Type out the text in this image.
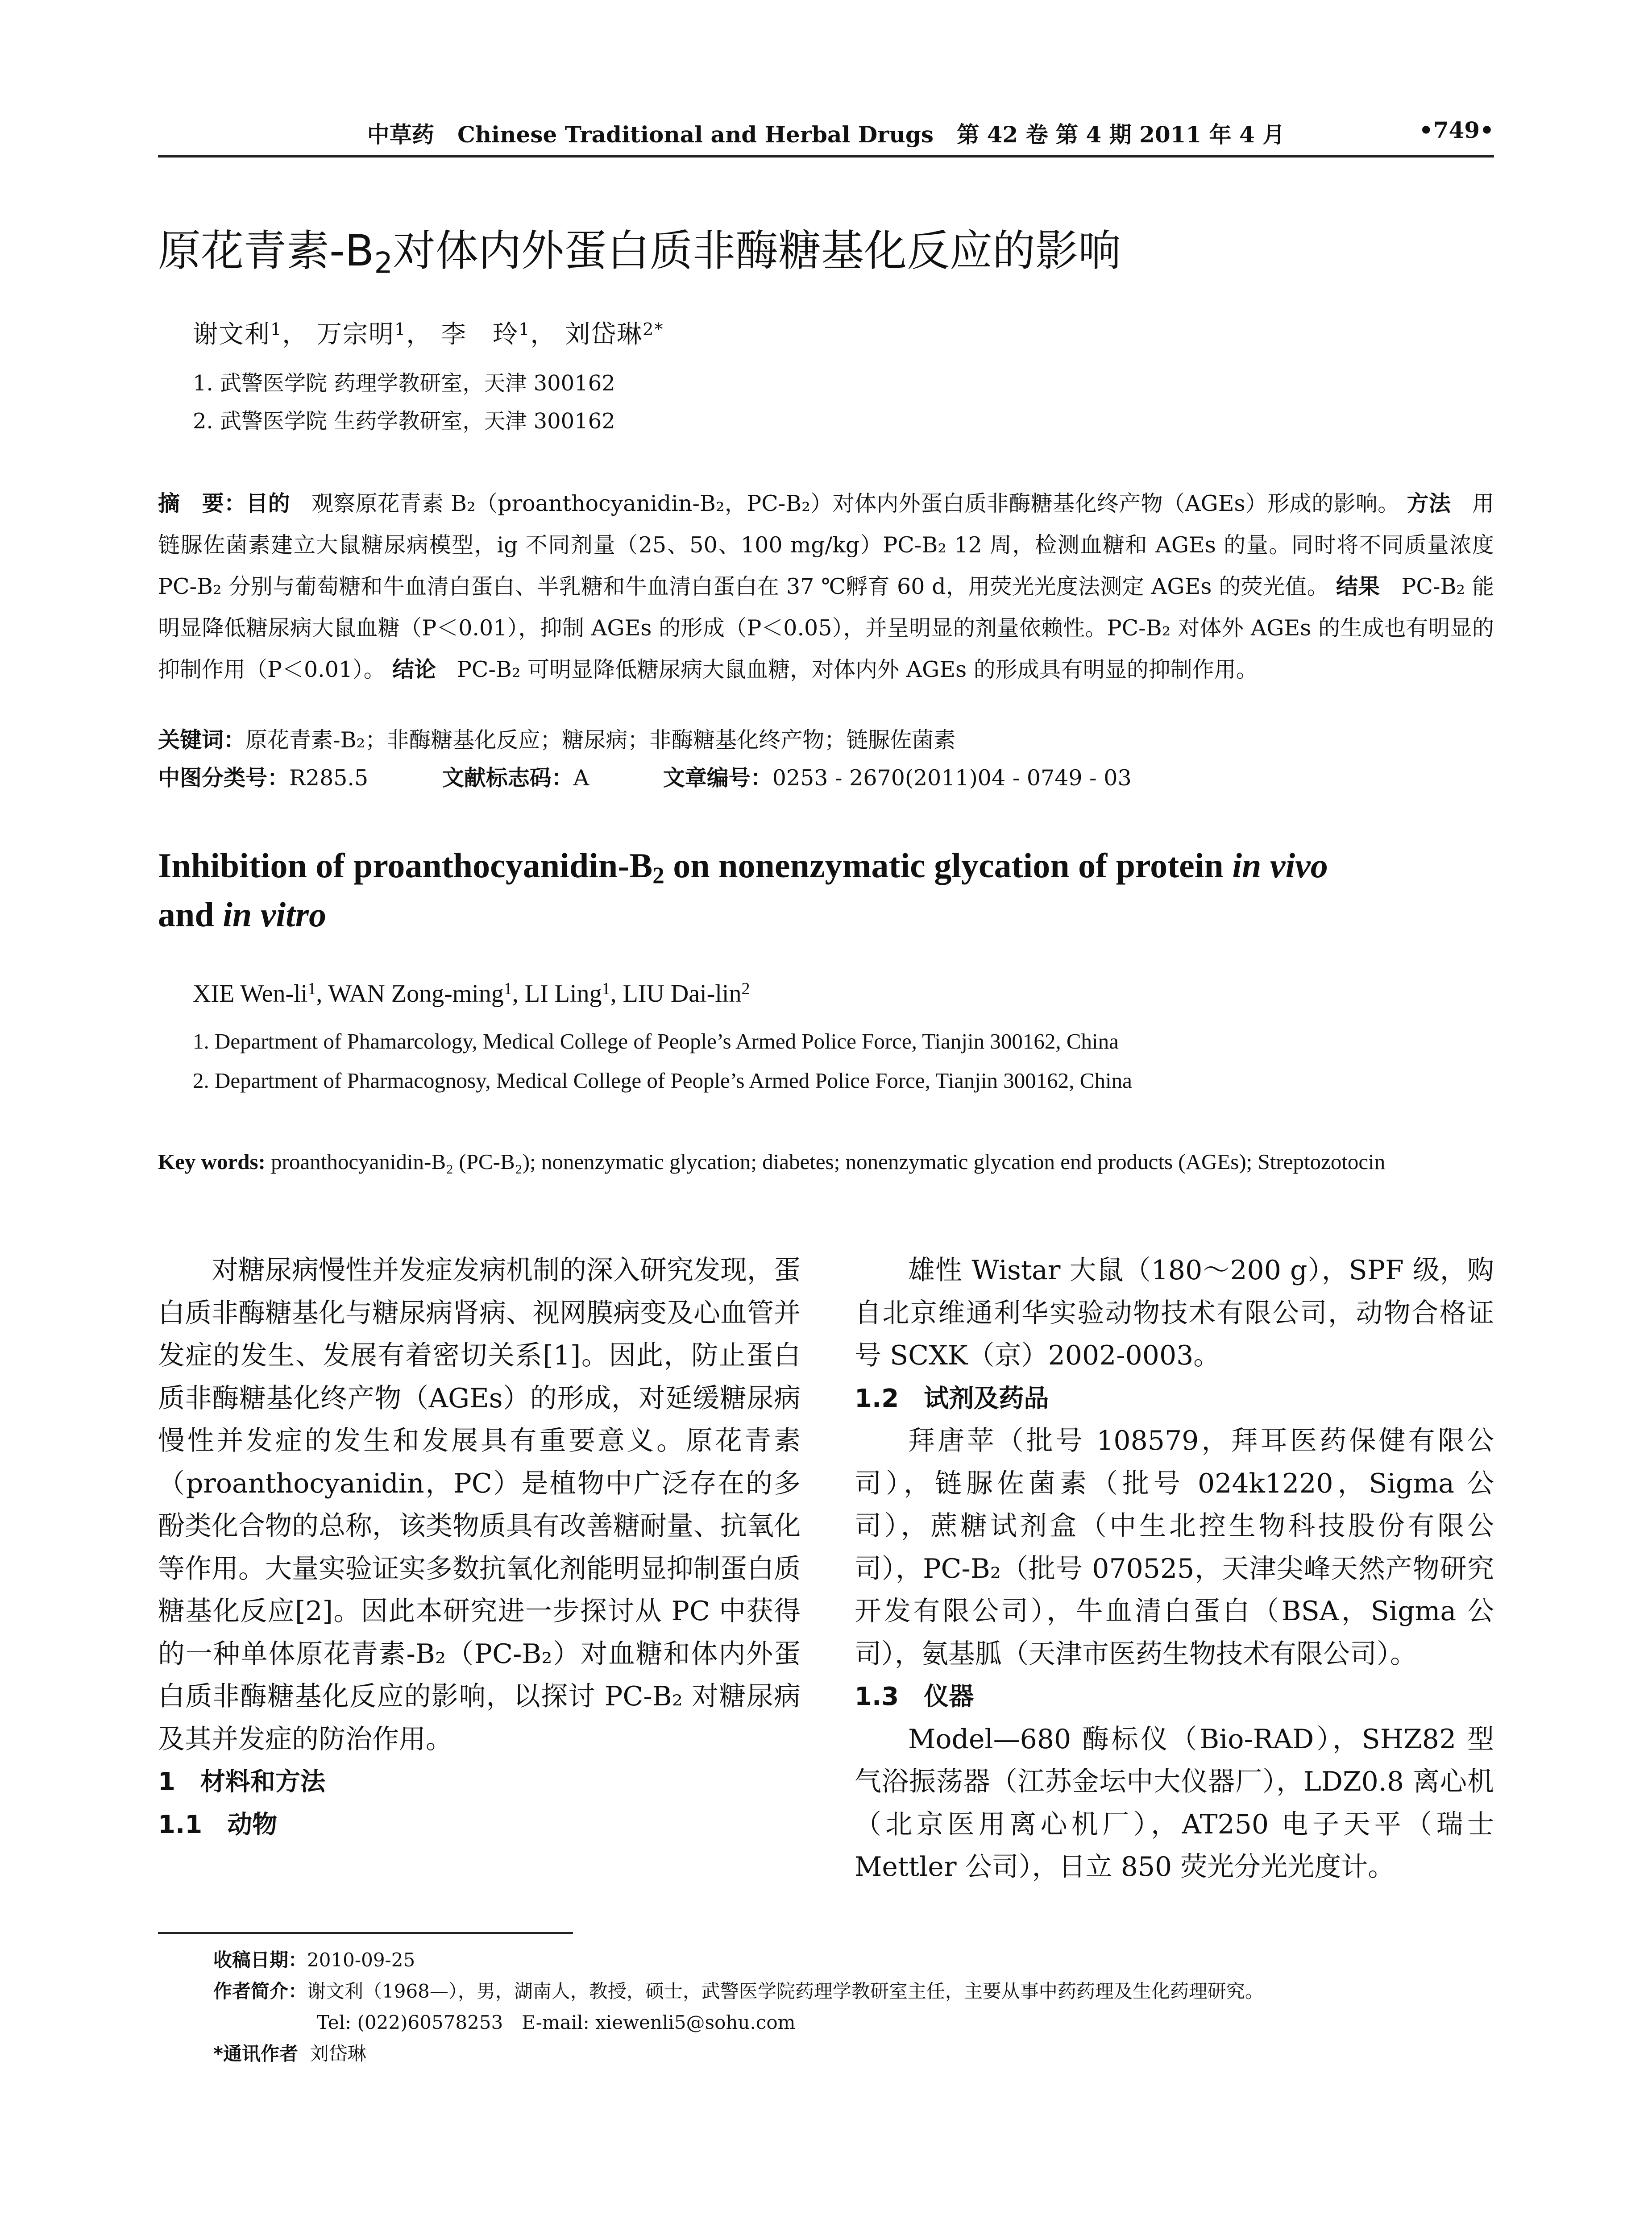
中草药 Chinese Traditional and Herbal Drugs 第 42 卷 第 4 期 2011 年 4 月	•749•
原花青素$-B_2$对体内外蛋白质非酶糖基化反应的影响
谢文利$^1$， 万宗明$^1$， 李　玲$^1$， 刘岱琳$^{2*}$
1. 武警医学院 药理学教研室，天津 300162
2. 武警医学院 生药学教研室，天津 300162
摘　要：目的 观察原花青素 B₂（proanthocyanidin-B₂，PC-B₂）对体内外蛋白质非酶糖基化终产物（AGEs）形成的影响。 方法 用链脲佐菌素建立大鼠糖尿病模型，ig 不同剂量（25、50、100 mg/kg）PC-B₂ 12 周，检测血糖和 AGEs 的量。同时将不同质量浓度 PC-B₂ 分别与葡萄糖和牛血清白蛋白、半乳糖和牛血清白蛋白在 37 ℃孵育 60 d，用荧光光度法测定 AGEs 的荧光值。 结果 PC-B₂ 能明显降低糖尿病大鼠血糖（P＜0.01），抑制 AGEs 的形成（P＜0.05），并呈明显的剂量依赖性。PC-B₂ 对体外 AGEs 的生成也有明显的抑制作用（P＜0.01）。 结论 PC-B₂ 可明显降低糖尿病大鼠血糖，对体内外 AGEs 的形成具有明显的抑制作用。
关键词：原花青素-B₂；非酶糖基化反应；糖尿病；非酶糖基化终产物；链脲佐菌素
中图分类号：R285.5	文献标志码：A	文章编号：0253 - 2670(2011)04 - 0749 - 03
Inhibition of proanthocyanidin-$B_2$ on nonenzymatic glycation of protein in vivo
and in vitro
XIE Wen-$li^1$, WAN Zong-ming$^1$, LI Ling$^1$, LIU Dai-lin$^2$
1. Department of Phamarcology, Medical College of People’s Armed Police Force, Tianjin 300162, China
2. Department of Pharmacognosy, Medical College of People’s Armed Police Force, Tianjin 300162, China
Key words: proanthocyanidin-B₂ (PC-B₂); nonenzymatic glycation; diabetes; nonenzymatic glycation end products (AGEs); Streptozotocin

对糖尿病慢性并发症发病机制的深入研究发现，蛋白质非酶糖基化与糖尿病肾病、视网膜病变及心血管并发症的发生、发展有着密切关系[1]。因此，防止蛋白质非酶糖基化终产物（AGEs）的形成，对延缓糖尿病慢性并发症的发生和发展具有重要意义。原花青素（proanthocyanidin，PC）是植物中广泛存在的多酚类化合物的总称，该类物质具有改善糖耐量、抗氧化等作用。大量实验证实多数抗氧化剂能明显抑制蛋白质糖基化反应[2]。因此本研究进一步探讨从 PC 中获得的一种单体原花青素-B₂（PC-B₂）对血糖和体内外蛋白质非酶糖基化反应的影响，以探讨 PC-B₂ 对糖尿病及其并发症的防治作用。

1　材料和方法

1.1　动物

雄性 Wistar 大鼠（180～200 g），SPF 级，购自北京维通利华实验动物技术有限公司，动物合格证号 SCXK（京）2002-0003。

1.2　试剂及药品

拜唐苹（批号 108579，拜耳医药保健有限公司），链脲佐菌素（批号 024k1220，Sigma 公司），蔗糖试剂盒（中生北控生物科技股份有限公司），PC-B₂（批号 070525，天津尖峰天然产物研究开发有限公司），牛血清白蛋白（BSA，Sigma 公司），氨基胍（天津市医药生物技术有限公司）。

1.3　仪器

Model—680 酶标仪（Bio-RAD），SHZ82 型气浴振荡器（江苏金坛中大仪器厂），LDZ0.8 离心机（北京医用离心机厂），AT250 电子天平（瑞士 Mettler 公司），日立 850 荧光分光光度计。

收稿日期：2010-09-25
作者简介：谢文利（1968—），男，湖南人，教授，硕士，武警医学院药理学教研室主任，主要从事中药药理及生化药理研究。
Tel: (022)60578253　E-mail: xiewenli5@sohu.com
*通讯作者 刘岱琳
